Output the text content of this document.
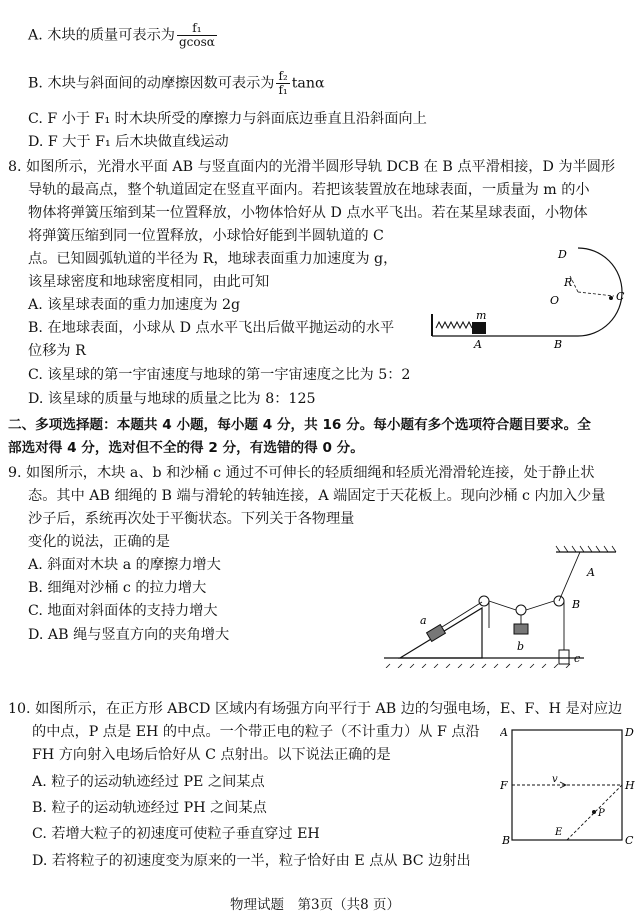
A. 木块的质量可表示为 $\frac{\text{f₁}}{gcos\alpha}$
B. 木块与斜面间的动摩擦因数可表示为 $\frac{\text{f₂}}{\text{f₁}}$ tanα
C. F 小于 F₁ 时木块所受的摩擦力与斜面底边垂直且沿斜面向上
D. F 大于 F₁ 后木块做直线运动
8. 如图所示，光滑水平面 AB 与竖直面内的光滑半圆形导轨 DCB 在 B 点平滑相接，D 为半圆形
导轨的最高点，整个轨道固定在竖直平面内。若把该装置放在地球表面，一质量为 m 的小
物体将弹簧压缩到某一位置释放，小物体恰好从 D 点水平飞出。若在某星球表面，小物体
将弹簧压缩到同一位置释放，小球恰好能到半圆轨道的 C
点。已知圆弧轨道的半径为 R，地球表面重力加速度为 g，
该星球密度和地球密度相同，由此可知
A. 该星球表面的重力加速度为 2g
B. 在地球表面，小球从 D 点水平飞出后做平抛运动的水平
位移为 R
C. 该星球的第一宇宙速度与地球的第一宇宙速度之比为 5：2
D. 该星球的质量与地球的质量之比为 8：125
D
R
O	C
m
A	B
二、多项选择题：本题共 4 小题，每小题 4 分，共 16 分。每小题有多个选项符合题目要求。全
部选对得 4 分，选对但不全的得 2 分，有选错的得 0 分。
9. 如图所示，木块 a、b 和沙桶 c 通过不可伸长的轻质细绳和轻质光滑滑轮连接，处于静止状
态。其中 AB 细绳的 B 端与滑轮的转轴连接，A 端固定于天花板上。现向沙桶 c 内加入少量
沙子后，系统再次处于平衡状态。下列关于各物理量
变化的说法，正确的是
A. 斜面对木块 a 的摩擦力增大
B. 细绳对沙桶 c 的拉力增大
C. 地面对斜面体的支持力增大
D. AB 绳与竖直方向的夹角增大
A
B
a
b
c
10. 如图所示，在正方形 ABCD 区域内有场强方向平行于 AB 边的匀强电场，E、F、H 是对应边
的中点，P 点是 EH 的中点。一个带正电的粒子（不计重力）从 F 点沿
FH 方向射入电场后恰好从 C 点射出。以下说法正确的是
A. 粒子的运动轨迹经过 PE 之间某点
B. 粒子的运动轨迹经过 PH 之间某点
C. 若增大粒子的初速度可使粒子垂直穿过 EH
D. 若将粒子的初速度变为原来的一半，粒子恰好由 E 点从 BC 边射出
A	D
F	v	H
P
B
E
C
物理试题　第3页（共8 页）
